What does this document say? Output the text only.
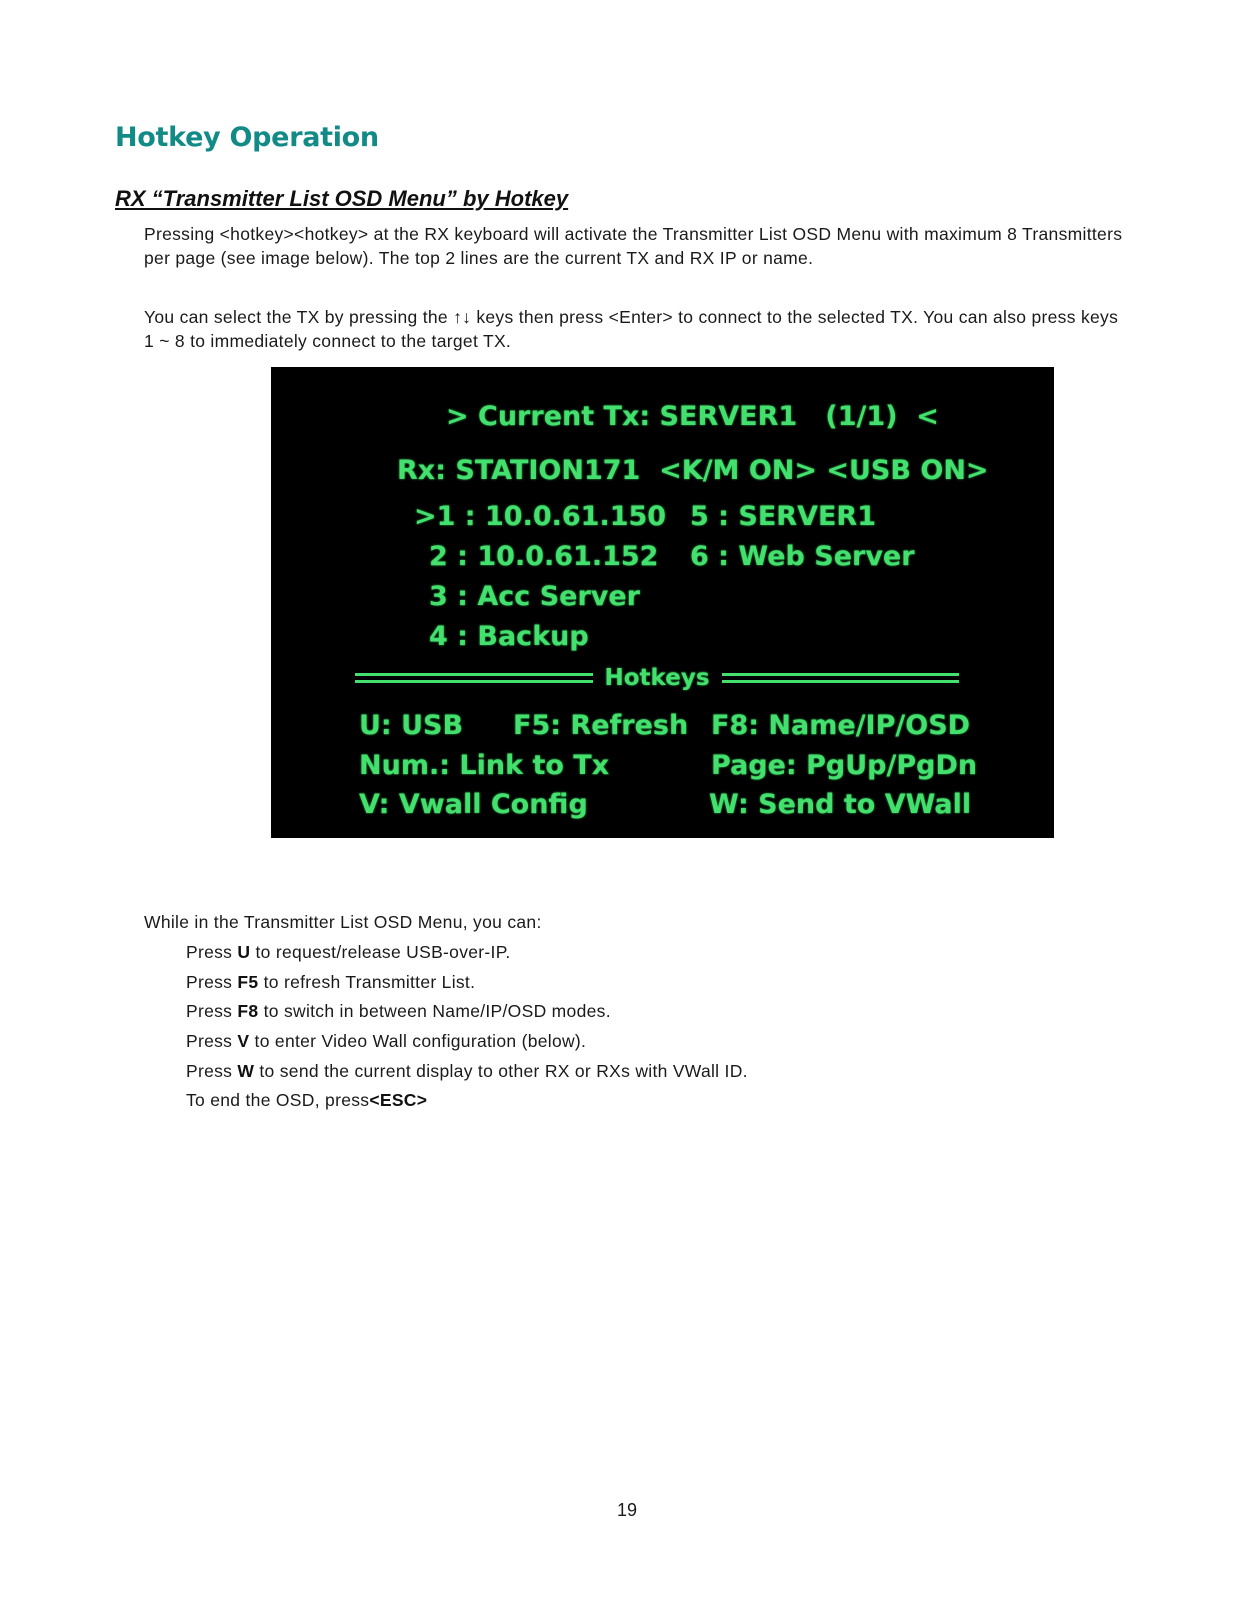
Hotkey Operation
RX “Transmitter List OSD Menu” by Hotkey

Pressing <hotkey><hotkey> at the RX keyboard will activate the Transmitter List OSD Menu with maximum 8 Transmitters per page (see image below). The top 2 lines are the current TX and RX IP or name.

You can select the TX by pressing the ↑↓ keys then press <Enter> to connect to the selected TX. You can also press keys 1 ~ 8 to immediately connect to the target TX.

> Current Tx: SERVER1   (1/1)  <
Rx: STATION171  <K/M ON> <USB ON>
>1 : 10.0.61.150
2 : 10.0.61.152
3 : Acc Server
4 : Backup
5 : SERVER1
6 : Web Server
Hotkeys
U: USB F5: Refresh F8: Name/IP/OSD
Num.: Link to Tx	Page: PgUp/PgDn
V: Vwall Config	W: Send to VWall

While in the Transmitter List OSD Menu, you can:

Press U to request/release USB-over-IP.
Press F5 to refresh Transmitter List.
Press F8 to switch in between Name/IP/OSD modes.
Press V to enter Video Wall configuration (below).
Press W to send the current display to other RX or RXs with VWall ID.
To end the OSD, press<ESC>
19
